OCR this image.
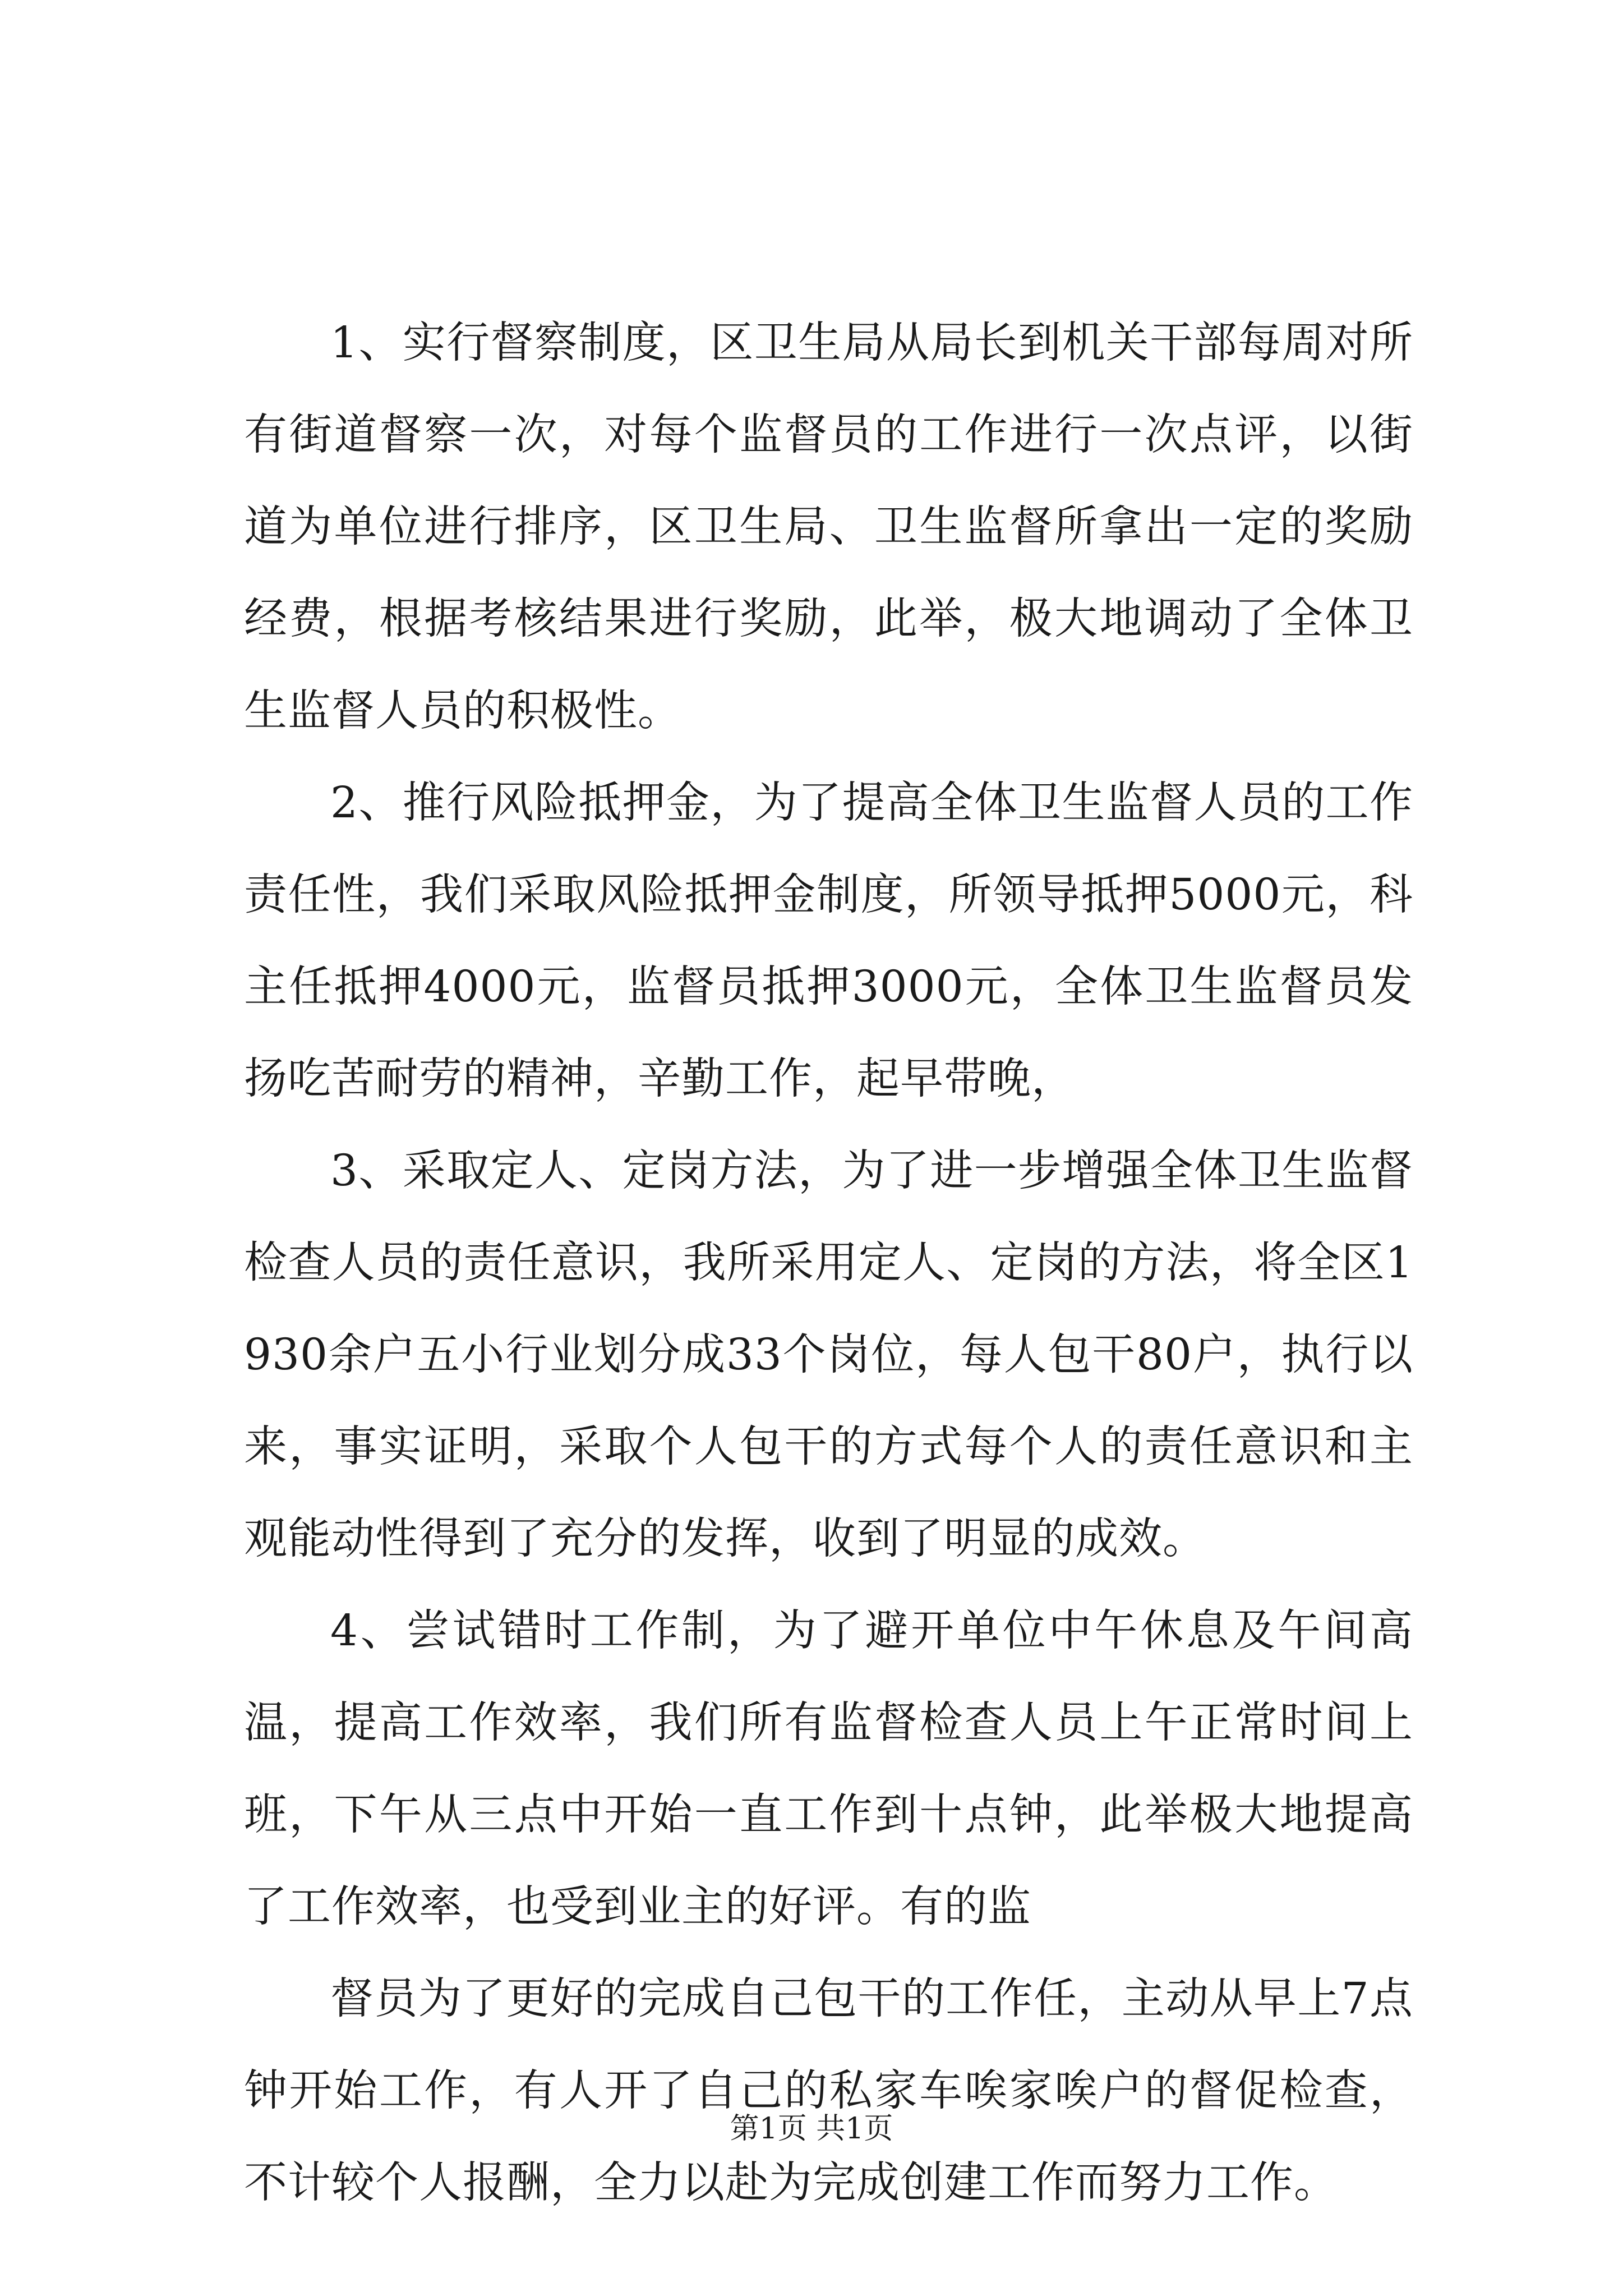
1、实行督察制度，区卫生局从局长到机关干部每周对所有街道督察一次，对每个监督员的工作进行一次点评，以街道为单位进行排序，区卫生局、卫生监督所拿出一定的奖励经费，根据考核结果进行奖励，此举，极大地调动了全体卫生监督人员的积极性。

2、推行风险抵押金，为了提高全体卫生监督人员的工作责任性，我们采取风险抵押金制度，所领导抵押5000元，科主任抵押4000元，监督员抵押3000元，全体卫生监督员发扬吃苦耐劳的精神，辛勤工作，起早带晚，

3、采取定人、定岗方法，为了进一步增强全体卫生监督检查人员的责任意识，我所采用定人、定岗的方法，将全区1930余户五小行业划分成33个岗位，每人包干80户，执行以来，事实证明，采取个人包干的方式每个人的责任意识和主观能动性得到了充分的发挥，收到了明显的成效。

4、尝试错时工作制，为了避开单位中午休息及午间高温，提高工作效率，我们所有监督检查人员上午正常时间上班，下午从三点中开始一直工作到十点钟，此举极大地提高了工作效率，也受到业主的好评。有的监

督员为了更好的完成自己包干的工作任，主动从早上7点钟开始工作，有人开了自己的私家车唉家唉户的督促检查，不计较个人报酬，全力以赴为完成创建工作而努力工作。

第1页 共1页
